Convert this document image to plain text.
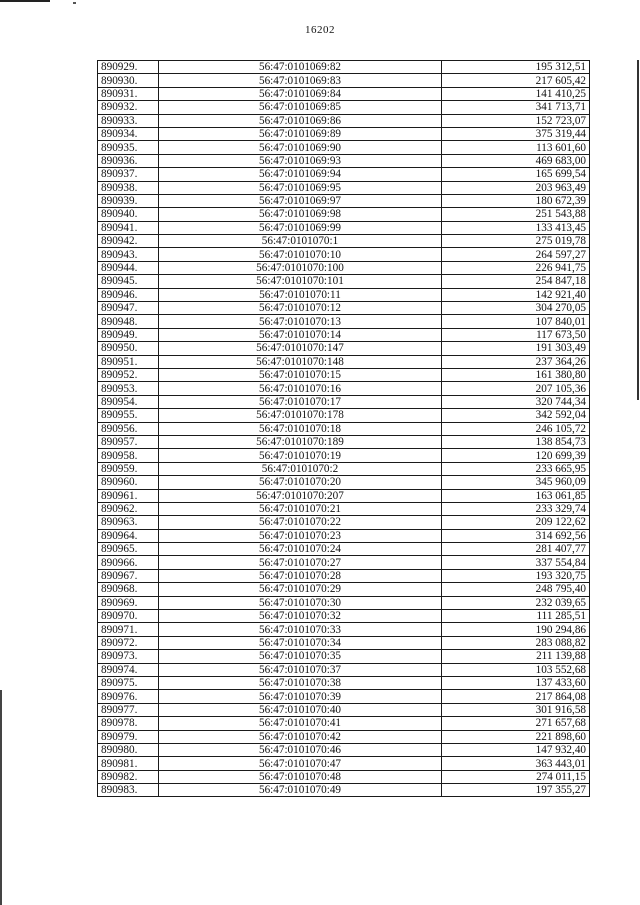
16202
890929.	56:47:0101069:82	195 312,51
890930.	56:47:0101069:83	217 605,42
890931.	56:47:0101069:84	141 410,25
890932.	56:47:0101069:85	341 713,71
890933.	56:47:0101069:86	152 723,07
890934.	56:47:0101069:89	375 319,44
890935.	56:47:0101069:90	113 601,60
890936.	56:47:0101069:93	469 683,00
890937.	56:47:0101069:94	165 699,54
890938.	56:47:0101069:95	203 963,49
890939.	56:47:0101069:97	180 672,39
890940.	56:47:0101069:98	251 543,88
890941.	56:47:0101069:99	133 413,45
890942.	56:47:0101070:1	275 019,78
890943.	56:47:0101070:10	264 597,27
890944.	56:47:0101070:100	226 941,75
890945.	56:47:0101070:101	254 847,18
890946.	56:47:0101070:11	142 921,40
890947.	56:47:0101070:12	304 270,05
890948.	56:47:0101070:13	107 840,01
890949.	56:47:0101070:14	117 673,50
890950.	56:47:0101070:147	191 303,49
890951.	56:47:0101070:148	237 364,26
890952.	56:47:0101070:15	161 380,80
890953.	56:47:0101070:16	207 105,36
890954.	56:47:0101070:17	320 744,34
890955.	56:47:0101070:178	342 592,04
890956.	56:47:0101070:18	246 105,72
890957.	56:47:0101070:189	138 854,73
890958.	56:47:0101070:19	120 699,39
890959.	56:47:0101070:2	233 665,95
890960.	56:47:0101070:20	345 960,09
890961.	56:47:0101070:207	163 061,85
890962.	56:47:0101070:21	233 329,74
890963.	56:47:0101070:22	209 122,62
890964.	56:47:0101070:23	314 692,56
890965.	56:47:0101070:24	281 407,77
890966.	56:47:0101070:27	337 554,84
890967.	56:47:0101070:28	193 320,75
890968.	56:47:0101070:29	248 795,40
890969.	56:47:0101070:30	232 039,65
890970.	56:47:0101070:32	111 285,51
890971.	56:47:0101070:33	190 294,86
890972.	56:47:0101070:34	283 088,82
890973.	56:47:0101070:35	211 139,88
890974.	56:47:0101070:37	103 552,68
890975.	56:47:0101070:38	137 433,60
890976.	56:47:0101070:39	217 864,08
890977.	56:47:0101070:40	301 916,58
890978.	56:47:0101070:41	271 657,68
890979.	56:47:0101070:42	221 898,60
890980.	56:47:0101070:46	147 932,40
890981.	56:47:0101070:47	363 443,01
890982.	56:47:0101070:48	274 011,15
890983.	56:47:0101070:49	197 355,27
